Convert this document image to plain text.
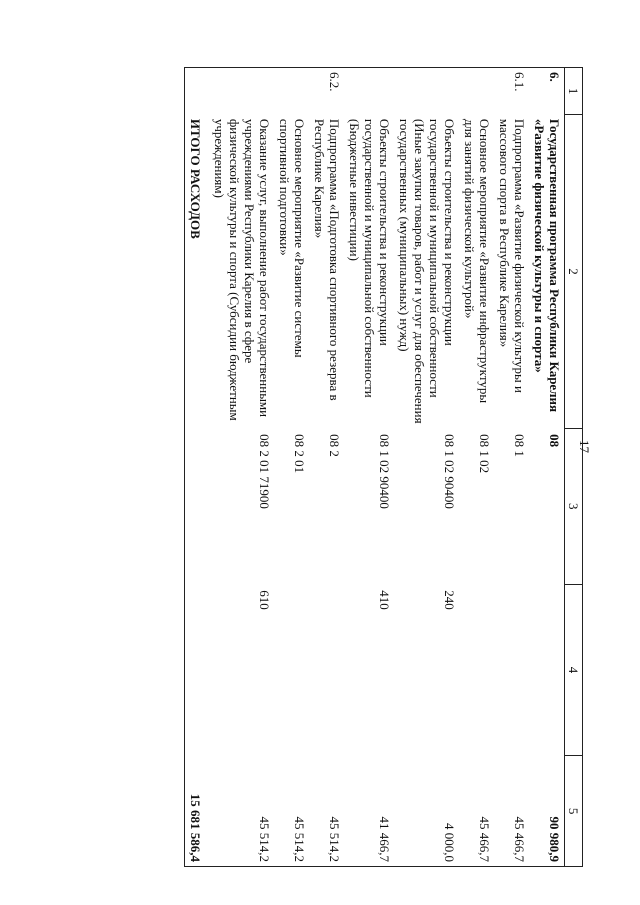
17
1	2	3	4	5
6.	Государственная программа Республики Карелия «Развитие физической культуры и спорта»	08		90 980,9
6.1.	Подпрограмма «Развитие физической культуры и массового спорта в Республике Карелия»	08 1		45 466,7
	Основное мероприятие «Развитие инфраструктуры для занятий физической культурой»	08 1 02		45 466,7
	Объекты строительства и реконструкции государственной и муниципальной собственности (Иные закупки товаров, работ и услуг для обеспечения государственных (муниципальных) нужд)	08 1 02 90400	240	4 000,0
	Объекты строительства и реконструкции государственной и муниципальной собственности (Бюджетные инвестиции)	08 1 02 90400	410	41 466,7
6.2.	Подпрограмма «Подготовка спортивного резерва в Республике Карелия»	08 2		45 514,2
	Основное мероприятие «Развитие системы спортивной подготовки»	08 2 01		45 514,2
	Оказание услуг, выполнение работ государственными учреждениями Республики Карелия в сфере физической культуры и спорта (Субсидии бюджетным учреждениям)	08 2 01 71900	610	45 514,2
	ИТОГО РАСХОДОВ			15 681 586,4
